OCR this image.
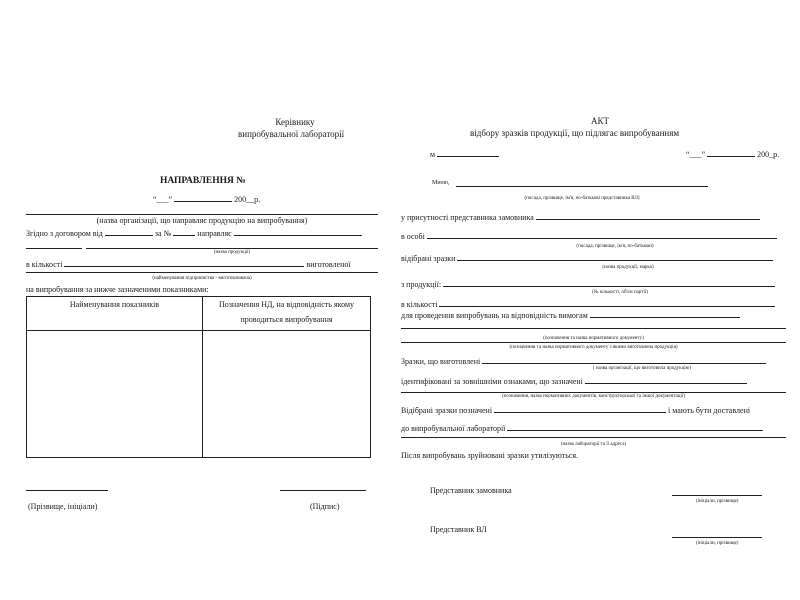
Керівнику
випробувальної лабораторії
НАПРАВЛЕННЯ №
“___”	200__р.
(назва організації, що направляє продукцію на випробування)
Згідно з договором від	за №	направляє
(назва продукції)
в кількості	виготовленої
(найменування підприємства - виготовлювача)
на випробування за нижче зазначеними показниками:
Найменування показників	Позначення НД, на відповідність якому
проводиться випробування

(Прізвище, ініціали)	(Підпис)
АКТ
відбору зразків продукції, що підлягає випробуванням
м	“___”	200_р.
Мною,
(посада, прізвище, ім'я, по-батькові представника ВЛ)
у присутності представника замовника
в особі
(посада, прізвище, ім'я, по-батькові)
відібрані зразки
(назва продукції, марка)
з продукції:
(№ кількості, об'єм партії)
в кількості
для проведення випробувань на відповідність вимогам
(позначення та назва нормативного документу)
(позначення та назва нормативного документу з якими виготовлена продукція)
Зразки, що виготовлені
( назва організації, що виготовила продукцію)
ідентифіковані за зовнішніми ознаками, що зазначені
(позначення, назва нормативних документів, конструкторської та іншої документації)
Відібрані зразки позначені	і мають бути доставлені
до випробувальної лабораторії
(назва лабораторії та її адреса)
Після випробувань зруйновані зразки утилізуються.
Представник замовника
(ініціали, прізвище)
Представник ВЛ
(ініціали, прізвище)
